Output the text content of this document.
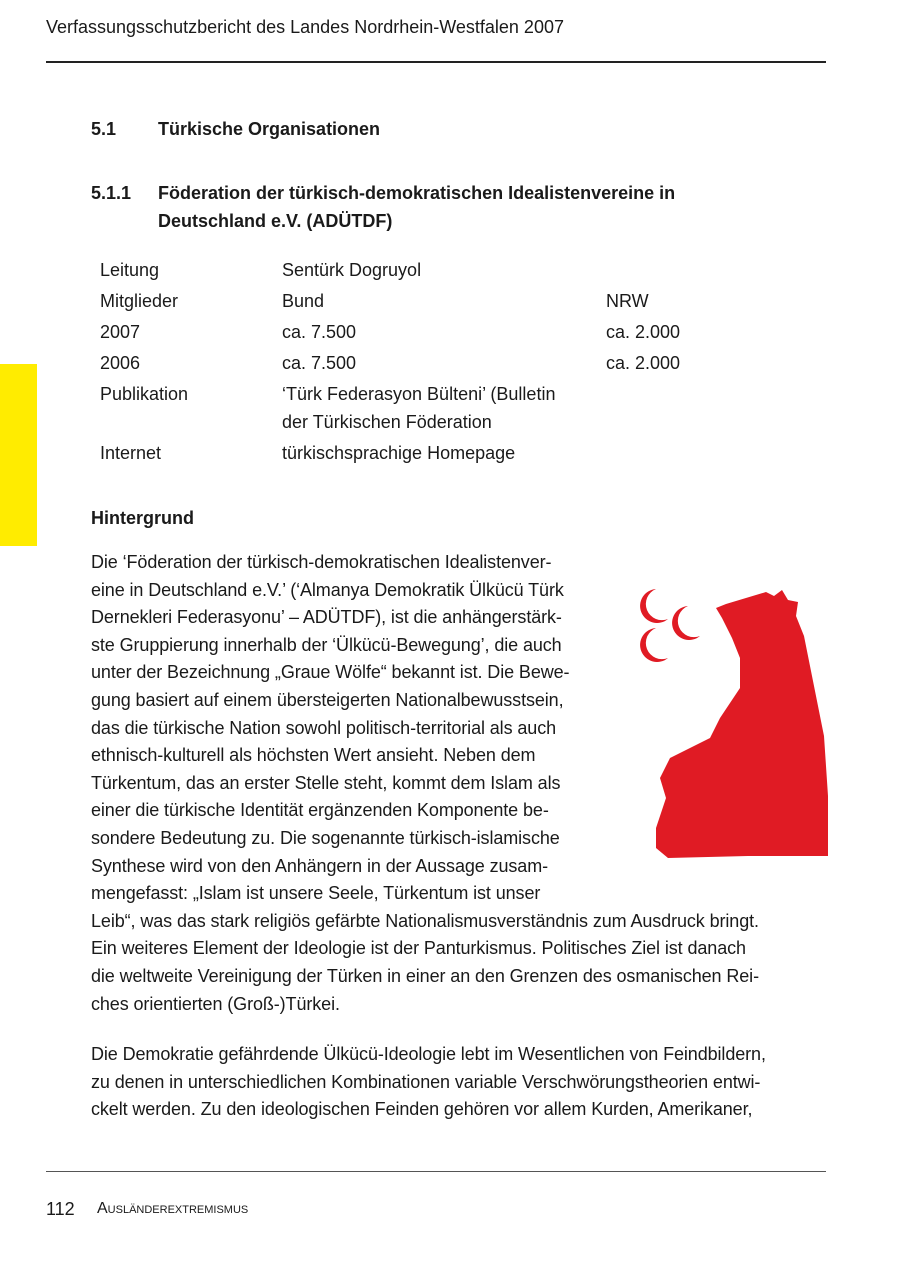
Verfassungsschutzbericht des Landes Nordrhein-Westfalen 2007
5.1 Türkische Organisationen
5.1.1 Föderation der türkisch-demokratischen Idealistenvereine in
Deutschland e.V. (ADÜTDF)
Leitung	Sentürk Dogruyol
Mitglieder	Bund	NRW
2007	ca. 7.500	ca. 2.000
2006	ca. 7.500	ca. 2.000
Publikation	‘Türk Federasyon Bülteni’ (Bulletin
der Türkischen Föderation
Internet	türkischsprachige Homepage
Hintergrund
Die ‘Föderation der türkisch-demokratischen Idealistenver-
eine in Deutschland e.V.’ (‘Almanya Demokratik Ülkücü Türk
Dernekleri Federasyonu’ – ADÜTDF), ist die anhängerstärk-
ste Gruppierung innerhalb der ‘Ülkücü-Bewegung’, die auch
unter der Bezeichnung „Graue Wölfe“ bekannt ist. Die Bewe-
gung basiert auf einem übersteigerten Nationalbewusstsein,
das die türkische Nation sowohl politisch-territorial als auch
ethnisch-kulturell als höchsten Wert ansieht. Neben dem
Türkentum, das an erster Stelle steht, kommt dem Islam als
einer die türkische Identität ergänzenden Komponente be-
sondere Bedeutung zu. Die sogenannte türkisch-islamische
Synthese wird von den Anhängern in der Aussage zusam-
mengefasst: „Islam ist unsere Seele, Türkentum ist unser
Leib“, was das stark religiös gefärbte Nationalismusverständnis zum Ausdruck bringt.
Ein weiteres Element der Ideologie ist der Panturkismus. Politisches Ziel ist danach
die weltweite Vereinigung der Türken in einer an den Grenzen des osmanischen Rei-
ches orientierten (Groß-)Türkei.
Die Demokratie gefährdende Ülkücü-Ideologie lebt im Wesentlichen von Feindbildern,
zu denen in unterschiedlichen Kombinationen variable Verschwörungstheorien entwi-
ckelt werden. Zu den ideologischen Feinden gehören vor allem Kurden, Amerikaner,
112 Ausländerextremismus
